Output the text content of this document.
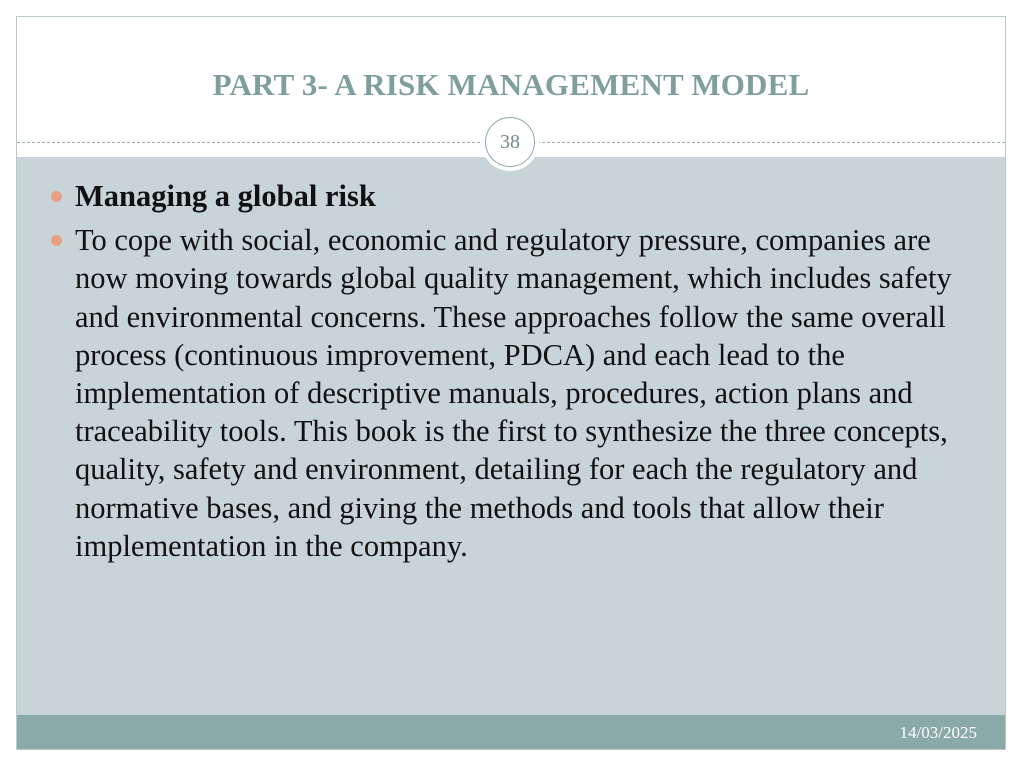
PART 3- A RISK MANAGEMENT MODEL
38
Managing a global risk
To cope with social, economic and regulatory pressure, companies are now moving towards global quality management, which includes safety and environmental concerns. These approaches follow the same overall process (continuous improvement, PDCA) and each lead to the implementation of descriptive manuals, procedures, action plans and traceability tools. This book is the first to synthesize the three concepts, quality, safety and environment, detailing for each the regulatory and normative bases, and giving the methods and tools that allow their implementation in the company.
14/03/2025
